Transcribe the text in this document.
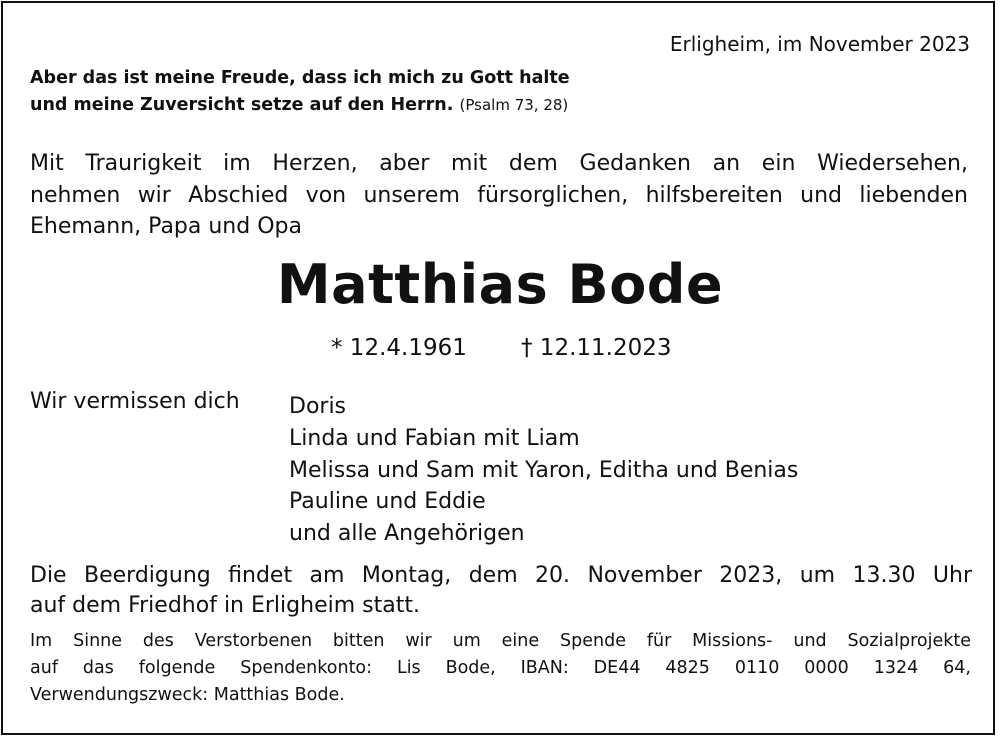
Erligheim, im November 2023
Aber das ist meine Freude, dass ich mich zu Gott halte
und meine Zuversicht setze auf den Herrn. (Psalm 73, 28)
Mit Traurigkeit im Herzen, aber mit dem Gedanken an ein Wiedersehen,
nehmen wir Abschied von unserem fürsorglichen, hilfsbereiten und liebenden
Ehemann, Papa und Opa
Matthias Bode
* 12.4.1961 † 12.11.2023
Wir vermissen dich Doris
Linda und Fabian mit Liam
Melissa und Sam mit Yaron, Editha und Benias
Pauline und Eddie
und alle Angehörigen
Die Beerdigung findet am Montag, dem 20. November 2023, um 13.30 Uhr
auf dem Friedhof in Erligheim statt.
Im Sinne des Verstorbenen bitten wir um eine Spende für Missions- und Sozialprojekte
auf das folgende Spendenkonto: Lis Bode, IBAN: DE44 4825 0110 0000 1324 64,
Verwendungszweck: Matthias Bode.
